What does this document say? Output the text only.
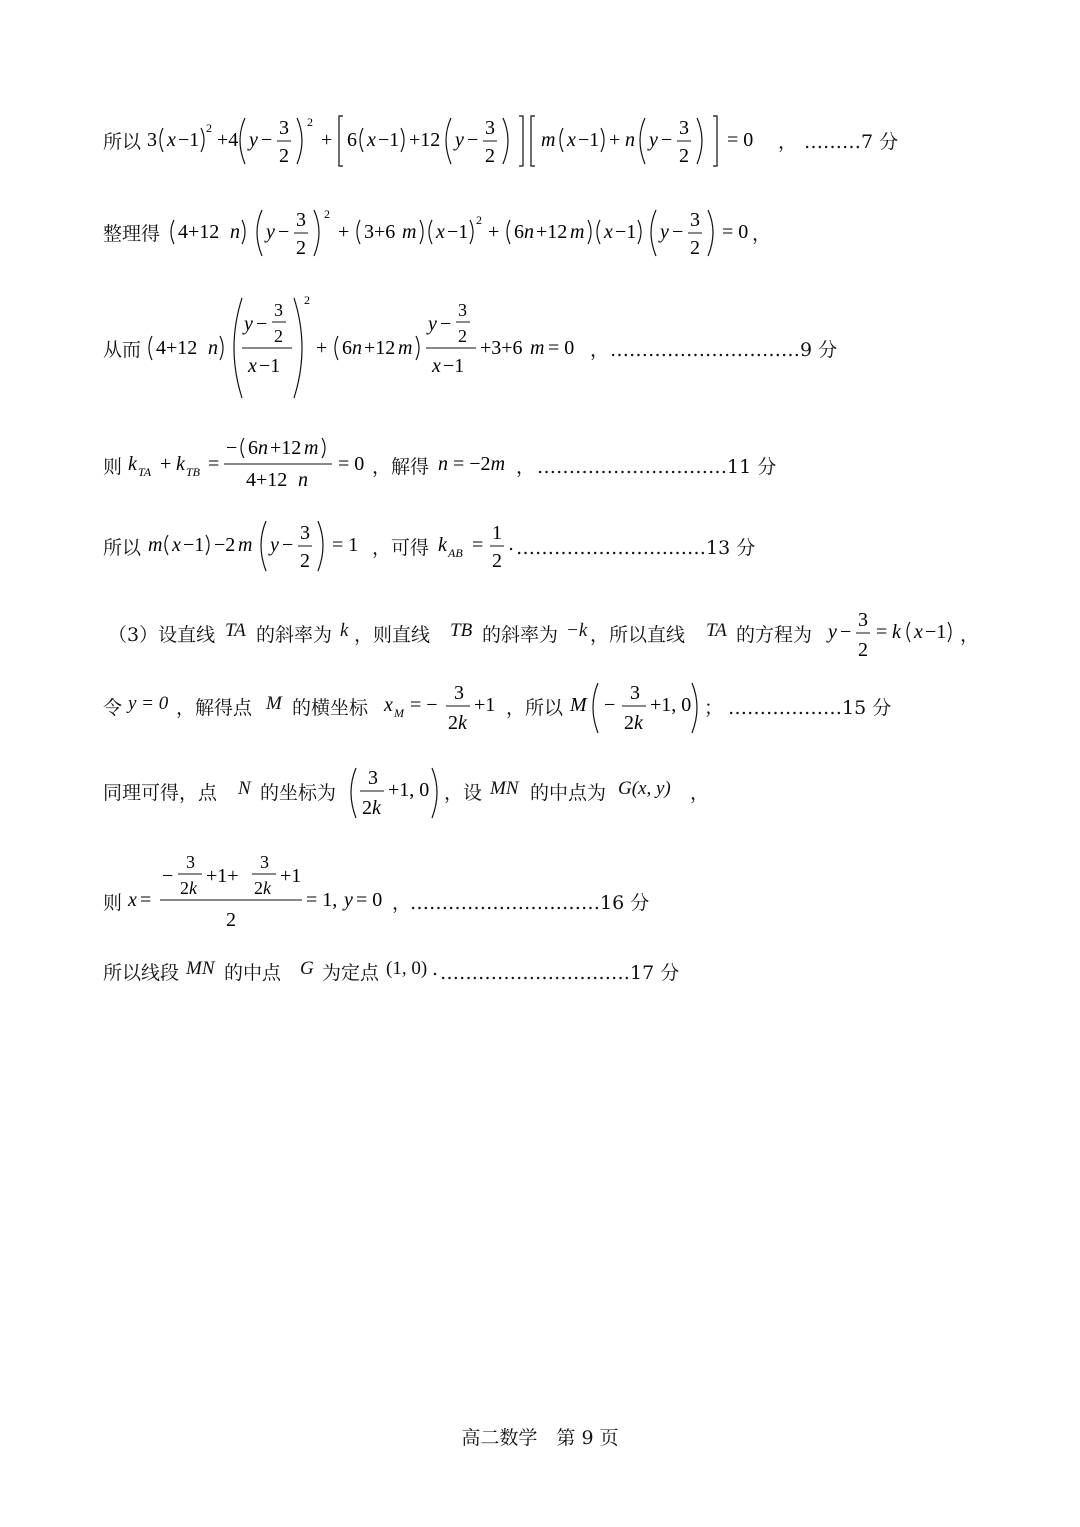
所以 3 x −1
2
+4 y −
3
2
2
+ 6 x −1 +12 y −
3
2
m x −1 + n y −
3
2
= 0 ， ………7 分
整理得 4+12 n y −
3
2
2
+ 3+6 m x −1
2
+ 6 n +12 m x −1 y −
3
2
= 0 ，
从而 4+12 n
y −
3
2
x −1
2
+ 6 n +12 m
y −
3
2
x −1
+3+6 m = 0 ， …………………………9 分
则 k TA + k TB =
− 6 n +12 m
4+12 n
= 0 ，解得 n = −2m ， …………………………11 分
所以 m x −1 −2 m y −
3
2
= 1 ，可得 k AB =
1
2
. …………………………13 分
（3）设直线 TA 的斜率为 k ，则直线 TB 的斜率为 −k ，所以直线 TA 的方程为 y −
3
2
= k x −1 ，
令 y = 0 ，解得点 M 的横坐标 x M = −
3
2k
+1 ，所以 M −
3
2k
+1, 0 ； ………………15 分
同理可得，点 N 的坐标为
3
2k
+1, 0 ，设 MN 的中点为 G(x, y) ，
则 x =
−
3
2k
+1+
3
2k
+1
2
= 1, y = 0 ，
…………………………16 分
所以线段 MN 的中点 G 为定点 (1, 0) . …………………………17 分
高二数学　第 9 页
